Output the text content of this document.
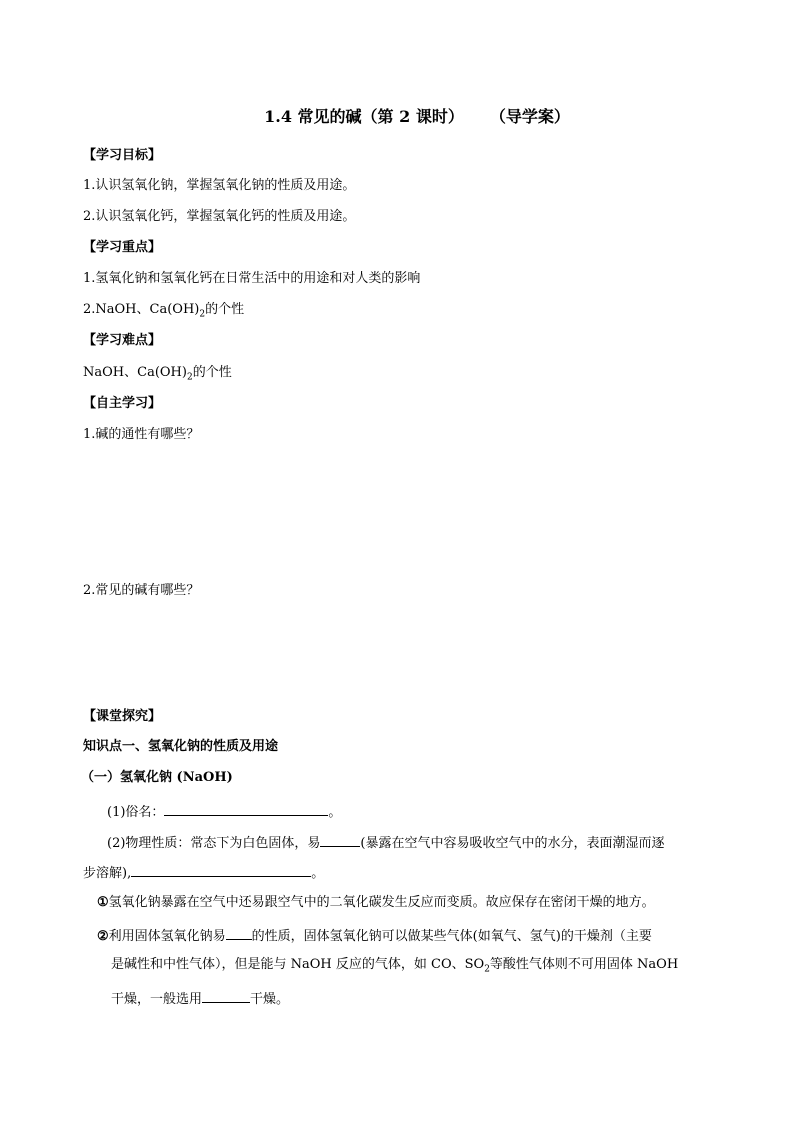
1.4 常见的碱（第 2 课时） （导学案）
【学习目标】
1.认识氢氧化钠，掌握氢氧化钠的性质及用途。
2.认识氢氧化钙，掌握氢氧化钙的性质及用途。
【学习重点】
1.氢氧化钠和氢氧化钙在日常生活中的用途和对人类的影响
2.NaOH、$Ca(OH)_2$的个性
【学习难点】
NaOH、$Ca(OH)_2$的个性
【自主学习】
1.碱的通性有哪些？
2.常见的碱有哪些？
【课堂探究】
知识点一、氢氧化钠的性质及用途
（一）氢氧化钠 (NaOH)
(1)俗名：	。
(2)物理性质：常态下为白色固体，易	(暴露在空气中容易吸收空气中的水分，表面潮湿而逐
步溶解),	。
①氢氧化钠暴露在空气中还易跟空气中的二氧化碳发生反应而变质。故应保存在密闭干燥的地方。
②利用固体氢氧化钠易 的性质，固体氢氧化钠可以做某些气体(如氧气、氢气)的干燥剂（主要
是碱性和中性气体），但是能与 NaOH 反应的气体，如 CO、$SO_2$等酸性气体则不可用固体 NaOH
干燥，一般选用	干燥。
